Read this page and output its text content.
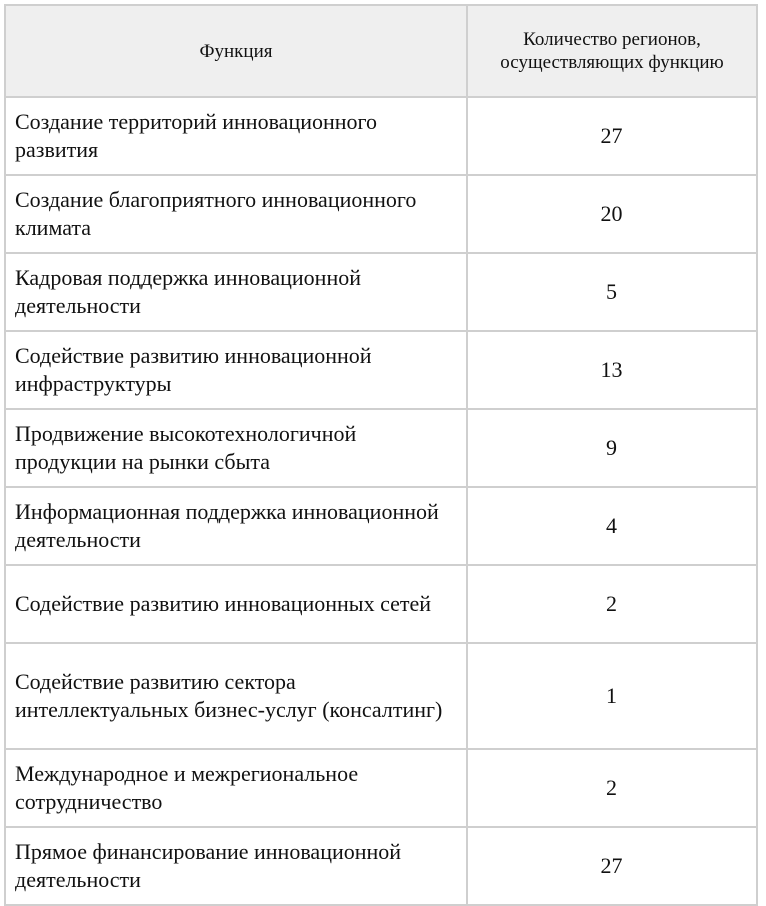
Функция	Количество регионов, осуществляющих функцию
Создание территорий инновационного развития	27
Создание благоприятного инновационного климата	20
Кадровая поддержка инновационной деятельности	5
Содействие развитию инновационной инфраструктуры	13
Продвижение высокотехнологичной продукции на рынки сбыта	9
Информационная поддержка инновационной деятельности	4
Содействие развитию инновационных сетей	2
Содействие развитию сектора интеллектуальных бизнес-услуг (консалтинг)	1
Международное и межрегиональное сотрудничество	2
Прямое финансирование инновационной деятельности	27
